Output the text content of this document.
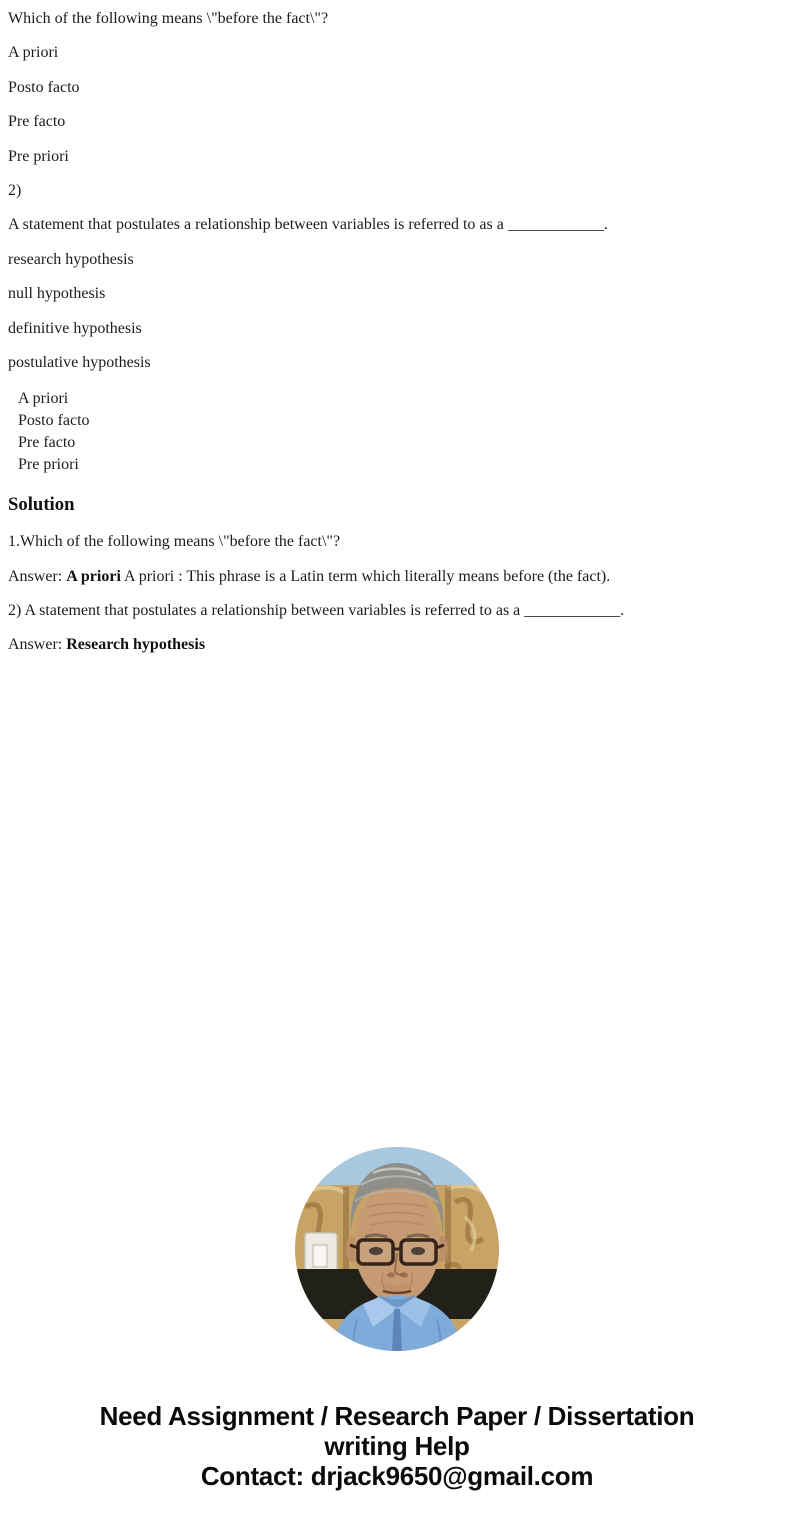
Which of the following means \"before the fact\"?

A priori

Posto facto

Pre facto

Pre priori

2)

A statement that postulates a relationship between variables is referred to as a ____________.

research hypothesis

null hypothesis

definitive hypothesis

postulative hypothesis

A priori
Posto facto
Pre facto
Pre priori
Solution

1.Which of the following means \"before the fact\"?

Answer: A priori A priori : This phrase is a Latin term which literally means before (the fact).

2) A statement that postulates a relationship between variables is referred to as a ____________.

Answer: Research hypothesis

Need Assignment / Research Paper / Dissertation
writing Help
Contact: drjack9650@gmail.com
